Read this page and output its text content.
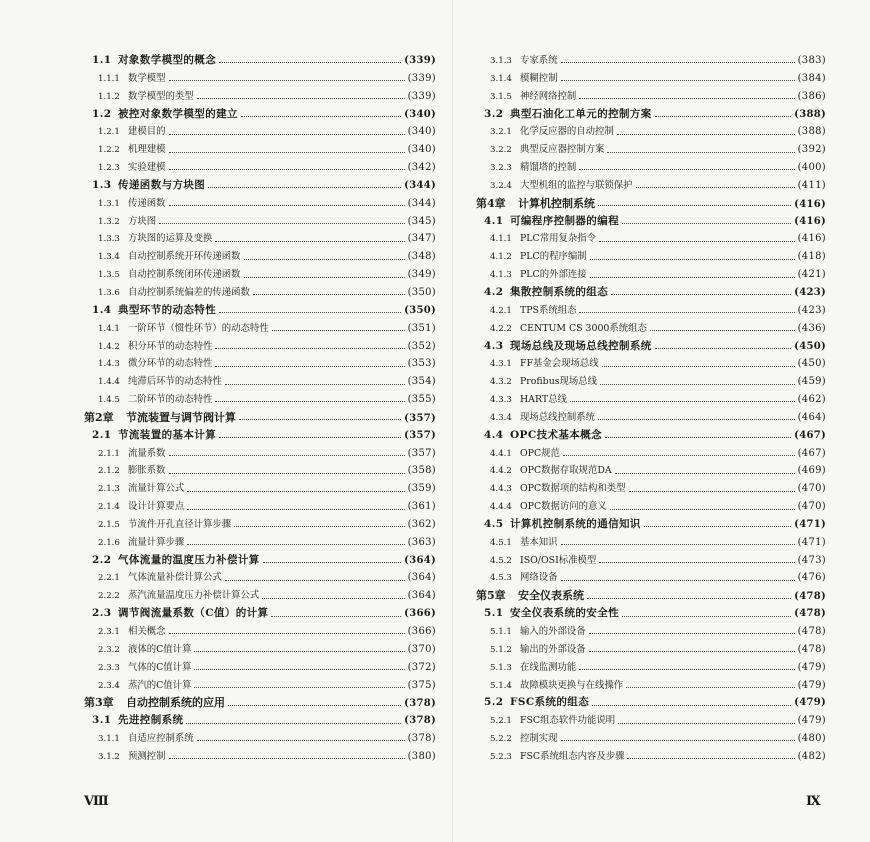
1.1 对象数学模型的概念	(339)
1.1.1 数学模型	(339)
1.1.2 数学模型的类型	(339)
1.2 被控对象数学模型的建立	(340)
1.2.1 建模目的	(340)
1.2.2 机理建模	(340)
1.2.3 实验建模	(342)
1.3 传递函数与方块图	(344)
1.3.1 传递函数	(344)
1.3.2 方块图	(345)
1.3.3 方块图的运算及变换	(347)
1.3.4 自动控制系统开环传递函数	(348)
1.3.5 自动控制系统闭环传递函数	(349)
1.3.6 自动控制系统偏差的传递函数	(350)
1.4 典型环节的动态特性	(350)
1.4.1 一阶环节（惯性环节）的动态特性	(351)
1.4.2 积分环节的动态特性	(352)
1.4.3 微分环节的动态特性	(353)
1.4.4 纯滞后环节的动态特性	(354)
1.4.5 二阶环节的动态特性	(355)
第2章	节流装置与调节阀计算	(357)
2.1 节流装置的基本计算	(357)
2.1.1 流量系数	(357)
2.1.2 膨胀系数	(358)
2.1.3 流量计算公式	(359)
2.1.4 设计计算要点	(361)
2.1.5 节流件开孔直径计算步骤	(362)
2.1.6 流量计算步骤	(363)
2.2 气体流量的温度压力补偿计算	(364)
2.2.1 气体流量补偿计算公式	(364)
2.2.2 蒸汽流量温度压力补偿计算公式	(364)
2.3 调节阀流量系数（C值）的计算	(366)
2.3.1 相关概念	(366)
2.3.2 液体的C值计算	(370)
2.3.3 气体的C值计算	(372)
2.3.4 蒸汽的C值计算	(375)
第3章	自动控制系统的应用	(378)
3.1 先进控制系统	(378)
3.1.1 自适应控制系统	(378)
3.1.2 预测控制	(380)
3.1.3 专家系统	(383)
3.1.4 模糊控制	(384)
3.1.5 神经网络控制	(386)
3.2 典型石油化工单元的控制方案	(388)
3.2.1 化学反应器的自动控制	(388)
3.2.2 典型反应器控制方案	(392)
3.2.3 精馏塔的控制	(400)
3.2.4 大型机组的监控与联锁保护	(411)
第4章	计算机控制系统	(416)
4.1 可编程序控制器的编程	(416)
4.1.1 PLC常用复杂指令	(416)
4.1.2 PLC的程序编制	(418)
4.1.3 PLC的外部连接	(421)
4.2 集散控制系统的组态	(423)
4.2.1 TPS系统组态	(423)
4.2.2 CENTUM CS 3000系统组态	(436)
4.3 现场总线及现场总线控制系统	(450)
4.3.1 FF基金会现场总线	(450)
4.3.2 Profibus现场总线	(459)
4.3.3 HART总线	(462)
4.3.4 现场总线控制系统	(464)
4.4 OPC技术基本概念	(467)
4.4.1 OPC规范	(467)
4.4.2 OPC数据存取规范DA	(469)
4.4.3 OPC数据项的结构和类型	(470)
4.4.4 OPC数据访问的意义	(470)
4.5 计算机控制系统的通信知识	(471)
4.5.1 基本知识	(471)
4.5.2 ISO/OSI标准模型	(473)
4.5.3 网络设备	(476)
第5章	安全仪表系统	(478)
5.1 安全仪表系统的安全性	(478)
5.1.1 输入的外部设备	(478)
5.1.2 输出的外部设备	(478)
5.1.3 在线监测功能	(479)
5.1.4 故障模块更换与在线操作	(479)
5.2 FSC系统的组态	(479)
5.2.1 FSC组态软件功能说明	(479)
5.2.2 控制实现	(480)
5.2.3 FSC系统组态内容及步骤	(482)
Ⅷ	Ⅸ
